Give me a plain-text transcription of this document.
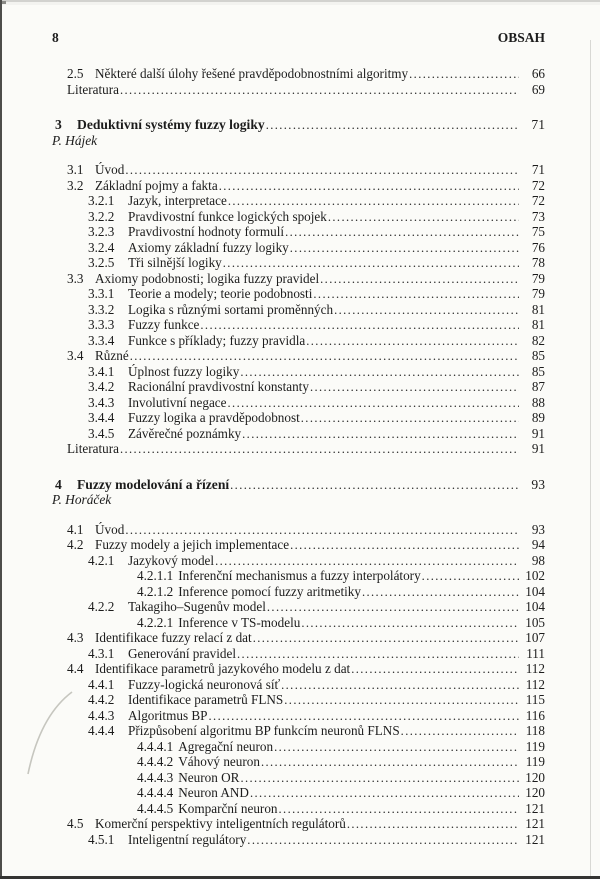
8	OBSAH
2.5 Některé další úlohy řešené pravděpodobnostními algoritmy .....	66
Literatura .....	69
3	Deduktivní systémy fuzzy logiky .....	71
P. Hájek
3.1 Úvod .....	71
3.2 Základní pojmy a fakta .....	72
3.2.1	Jazyk, interpretace .....	72
3.2.2	Pravdivostní funkce logických spojek .....	73
3.2.3	Pravdivostní hodnoty formulí .....	75
3.2.4	Axiomy základní fuzzy logiky .....	76
3.2.5	Tři silnější logiky .....	78
3.3 Axiomy podobnosti; logika fuzzy pravidel .....	79
3.3.1	Teorie a modely; teorie podobnosti .....	79
3.3.2	Logika s různými sortami proměnných .....	81
3.3.3	Fuzzy funkce .....	81
3.3.4	Funkce s příklady; fuzzy pravidla .....	82
3.4 Různé .....	85
3.4.1	Úplnost fuzzy logiky .....	85
3.4.2	Racionální pravdivostní konstanty .....	87
3.4.3	Involutivní negace .....	88
3.4.4	Fuzzy logika a pravděpodobnost .....	89
3.4.5	Závěrečné poznámky .....	91
Literatura .....	91
4	Fuzzy modelování a řízení .....	93
P. Horáček
4.1 Úvod .....	93
4.2 Fuzzy modely a jejich implementace .....	94
4.2.1	Jazykový model .....	98
4.2.1.1 Inferenční mechanismus a fuzzy interpolátory .....	102
4.2.1.2 Inference pomocí fuzzy aritmetiky .....	104
4.2.2	Takagiho–Sugenův model .....	104
4.2.2.1 Inference v TS-modelu .....	105
4.3 Identifikace fuzzy relací z dat .....	107
4.3.1	Generování pravidel .....	111
4.4 Identifikace parametrů jazykového modelu z dat .....	112
4.4.1	Fuzzy-logická neuronová síť .....	112
4.4.2	Identifikace parametrů FLNS .....	115
4.4.3	Algoritmus BP .....	116
4.4.4	Přizpůsobení algoritmu BP funkcím neuronů FLNS .....	118
4.4.4.1 Agregační neuron .....	119
4.4.4.2 Váhový neuron .....	119
4.4.4.3 Neuron OR .....	120
4.4.4.4 Neuron AND .....	120
4.4.4.5 Komparční neuron .....	121
4.5 Komerční perspektivy inteligentních regulátorů .....	121
4.5.1	Inteligentní regulátory .....	121
